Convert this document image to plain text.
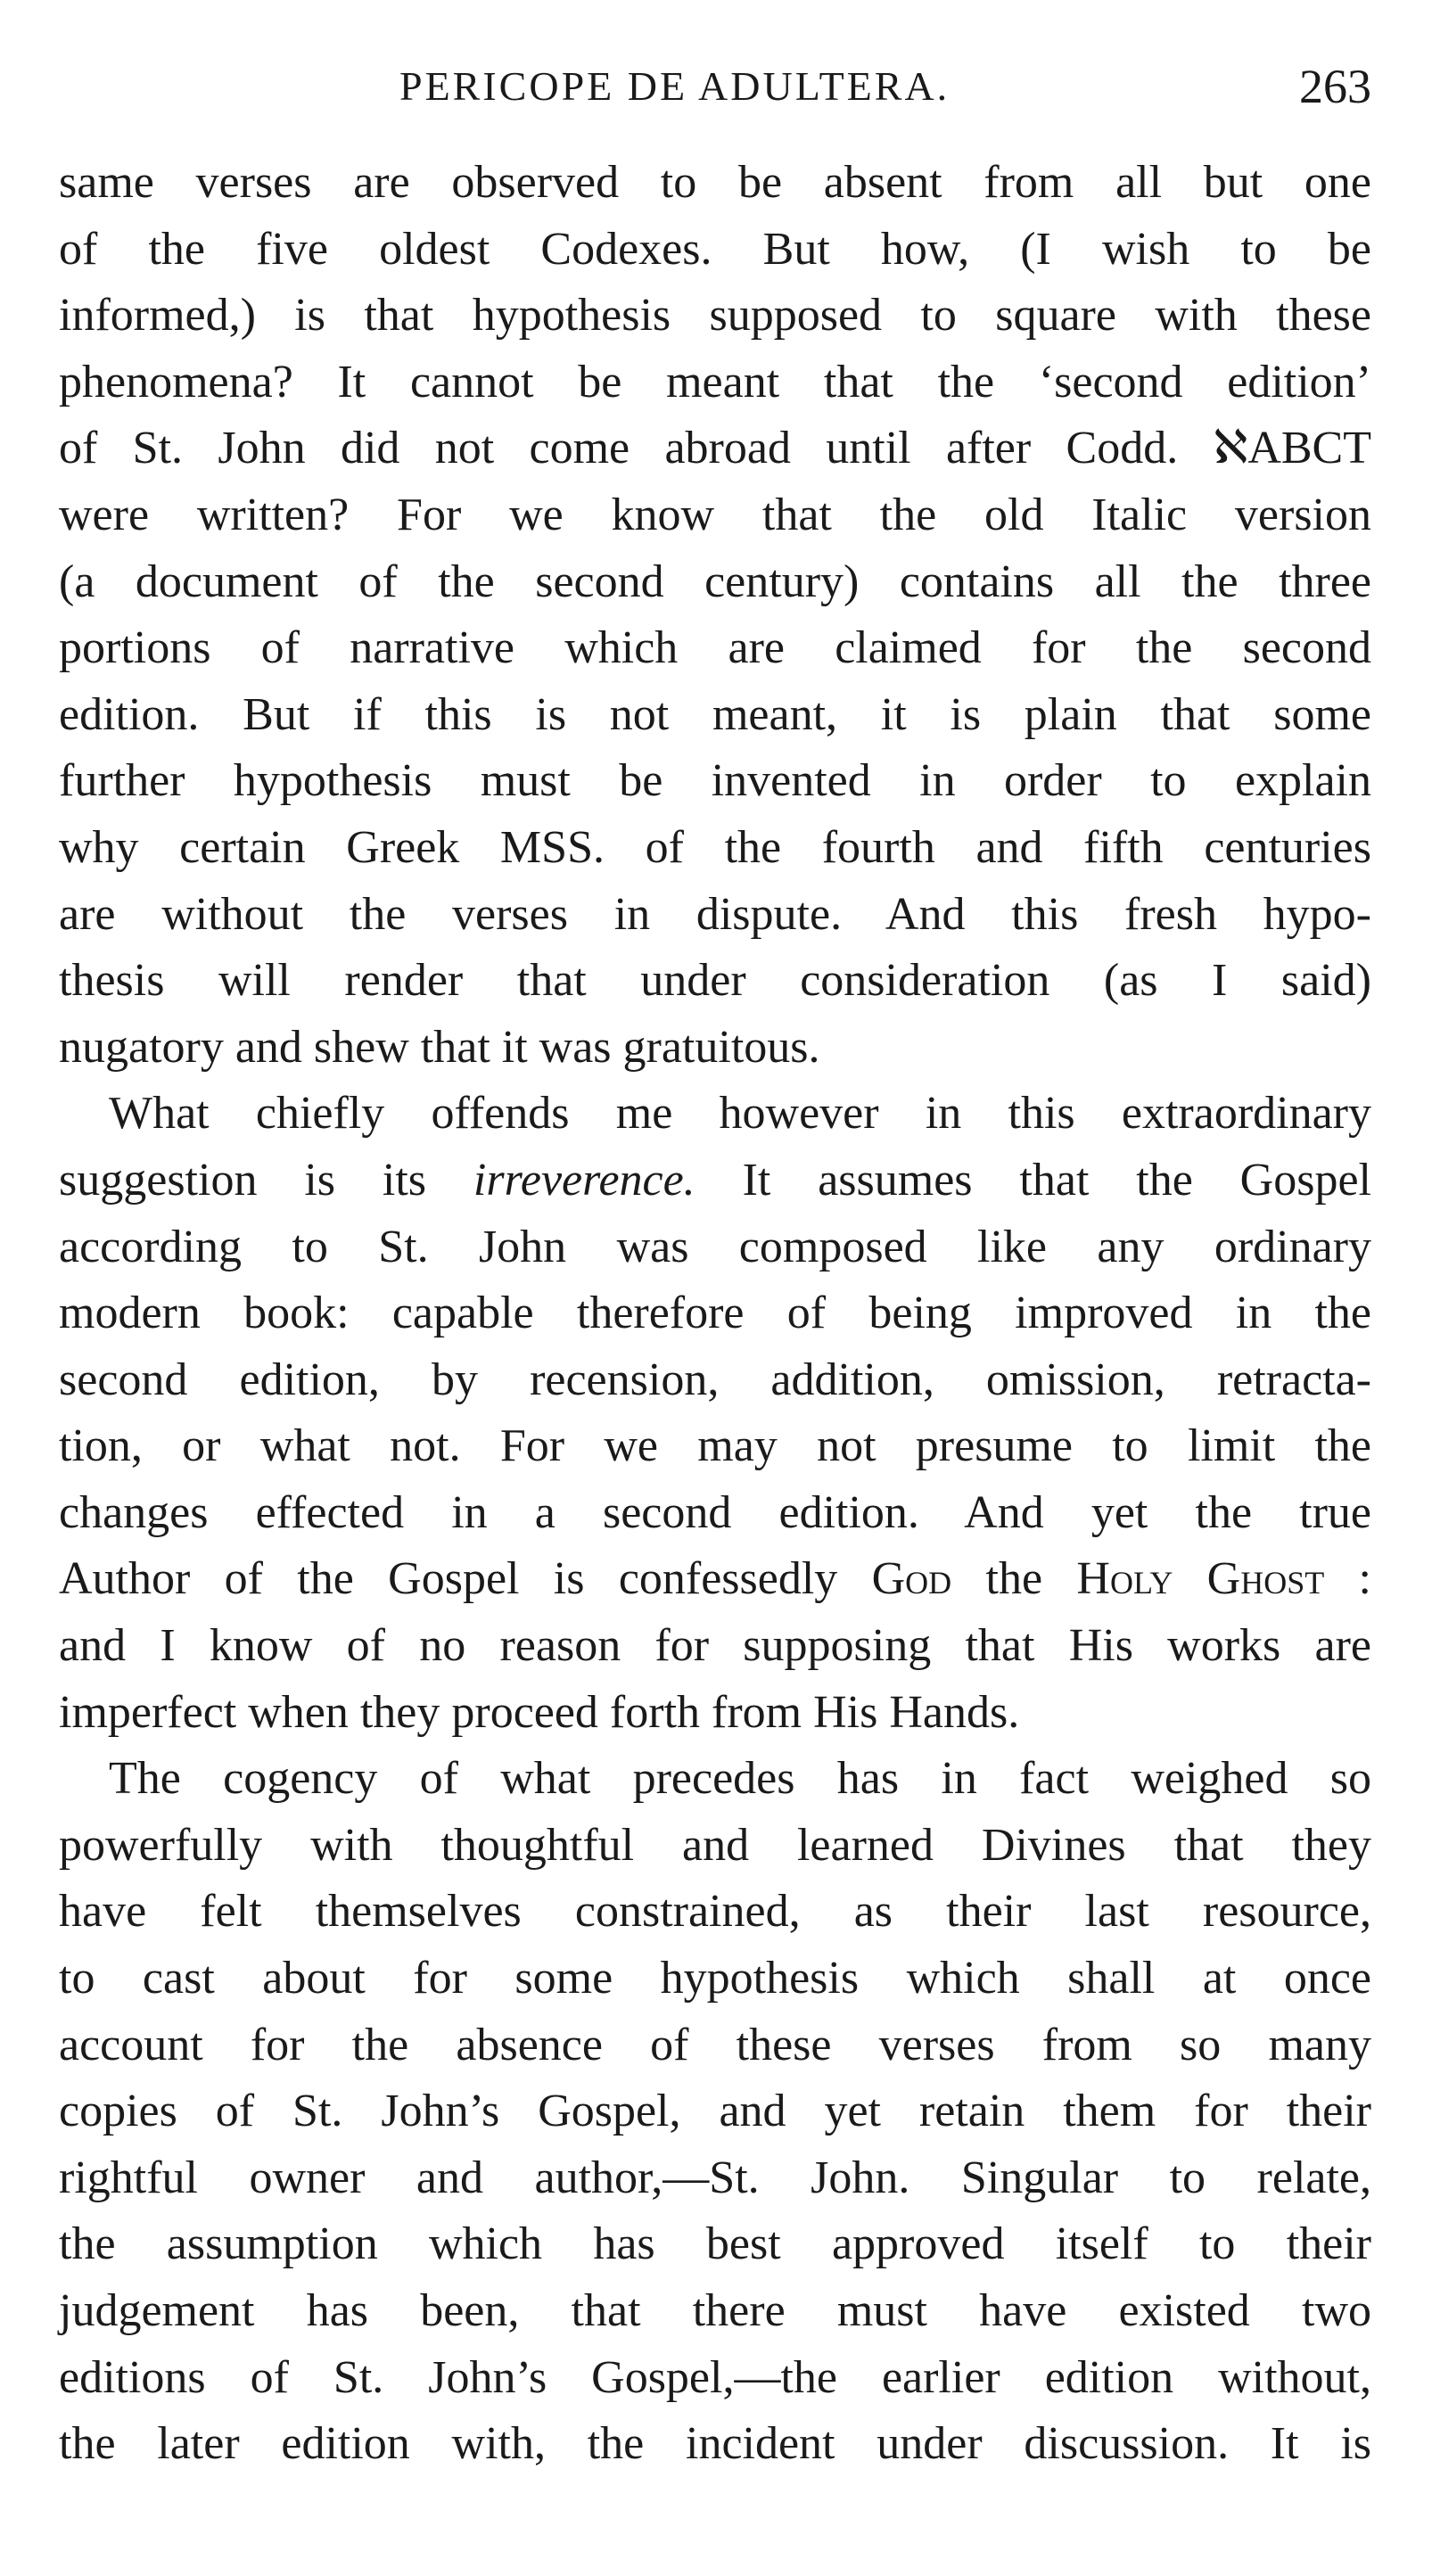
PERICOPE DE ADULTERA.	263

same verses are observed to be absent from all but one
of the five oldest Codexes. But how, (I wish to be
informed,) is that hypothesis supposed to square with these
phenomena? It cannot be meant that the ‘second edition’
of St. John did not come abroad until after Codd. ℵABCT
were written? For we know that the old Italic version
(a document of the second century) contains all the three
portions of narrative which are claimed for the second
edition. But if this is not meant, it is plain that some
further hypothesis must be invented in order to explain
why certain Greek MSS. of the fourth and fifth centuries
are without the verses in dispute. And this fresh hypo-
thesis will render that under consideration (as I said)
nugatory and shew that it was gratuitous.

What chiefly offends me however in this extraordinary
suggestion is its irreverence. It assumes that the Gospel
according to St. John was composed like any ordinary
modern book: capable therefore of being improved in the
second edition, by recension, addition, omission, retracta-
tion, or what not. For we may not presume to limit the
changes effected in a second edition. And yet the true
Author of the Gospel is confessedly God the Holy Ghost :
and I know of no reason for supposing that His works are
imperfect when they proceed forth from His Hands.

The cogency of what precedes has in fact weighed so
powerfully with thoughtful and learned Divines that they
have felt themselves constrained, as their last resource,
to cast about for some hypothesis which shall at once
account for the absence of these verses from so many
copies of St. John’s Gospel, and yet retain them for their
rightful owner and author,—St. John. Singular to relate,
the assumption which has best approved itself to their
judgement has been, that there must have existed two
editions of St. John’s Gospel,—the earlier edition without,
the later edition with, the incident under discussion. It is
